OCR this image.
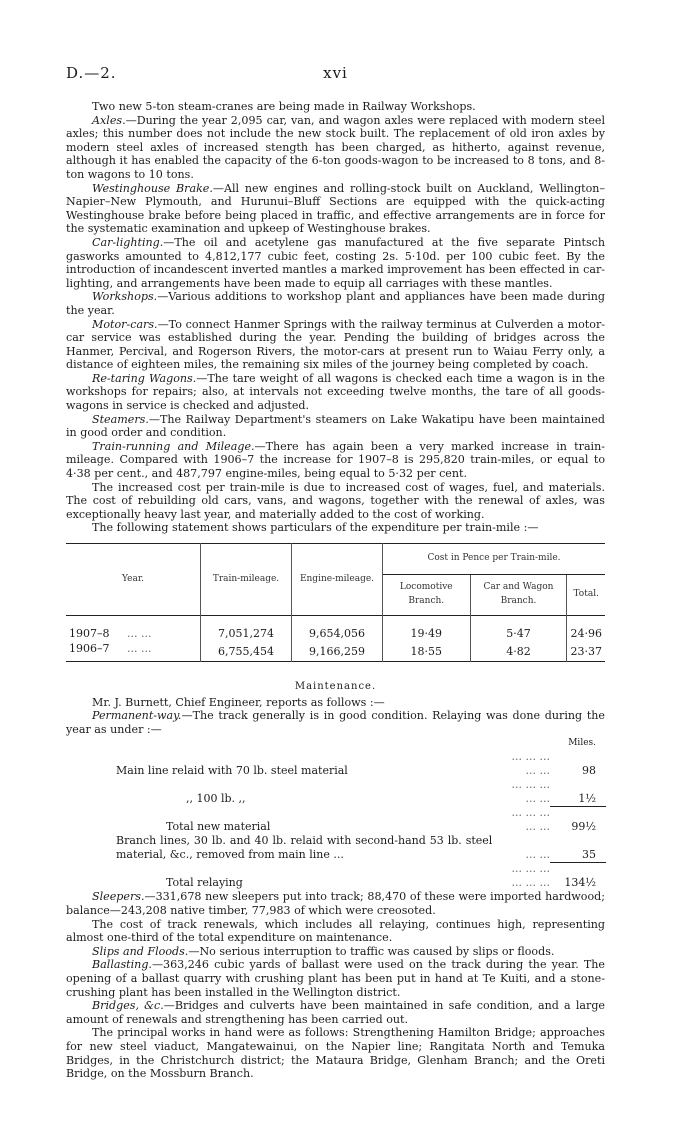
xvi
D.—2.

Two new 5-ton steam-cranes are being made in Railway Workshops.

Axles.—During the year 2,095 car, van, and wagon axles were replaced with modern steel axles; this number does not include the new stock built. The replacement of old iron axles by modern steel axles of increased stength has been charged, as hitherto, against revenue, although it has enabled the capacity of the 6-ton goods-wagon to be increased to 8 tons, and 8-ton wagons to 10 tons.

Westinghouse Brake.—All new engines and rolling-stock built on Auckland, Wellington–Napier–New Plymouth, and Hurunui–Bluff Sections are equipped with the quick-acting Westinghouse brake before being placed in traffic, and effective arrangements are in force for the systematic examination and upkeep of Westinghouse brakes.

Car-lighting.—The oil and acetylene gas manufactured at the five separate Pintsch gasworks amounted to 4,812,177 cubic feet, costing 2s. 5·10d. per 100 cubic feet. By the introduction of incandescent inverted mantles a marked improvement has been effected in car-lighting, and arrangements have been made to equip all carriages with these mantles.

Workshops.—Various additions to workshop plant and appliances have been made during the year.

Motor-cars.—To connect Hanmer Springs with the railway terminus at Culverden a motor-car service was established during the year. Pending the building of bridges across the Hanmer, Percival, and Rogerson Rivers, the motor-cars at present run to Waiau Ferry only, a distance of eighteen miles, the remaining six miles of the journey being completed by coach.

Re-taring Wagons.—The tare weight of all wagons is checked each time a wagon is in the workshops for repairs; also, at intervals not exceeding twelve months, the tare of all goods-wagons in service is checked and adjusted.

Steamers.—The Railway Department's steamers on Lake Wakatipu have been maintained in good order and condition.

Train-running and Mileage.—There has again been a very marked increase in train-mileage. Compared with 1906–7 the increase for 1907–8 is 295,820 train-miles, or equal to 4·38 per cent., and 487,797 engine-miles, being equal to 5·32 per cent.

The increased cost per train-mile is due to increased cost of wages, fuel, and materials. The cost of rebuilding old cars, vans, and wagons, together with the renewal of axles, was exceptionally heavy last year, and materially added to the cost of working.

The following statement shows particulars of the expenditure per train-mile :—

Year.	Train-mileage.	Engine-mileage.	Cost in Pence per Train-mile.		
			Locomotive Branch.	Car and Wagon Branch.	Total.

1907–8 ... ...	7,051,274	9,654,056	19·49	5·47	24·96
1906–7 ... ...	6,755,454	9,166,259	18·55	4·82	23·37
Maintenance.

Mr. J. Burnett, Chief Engineer, reports as follows :—

Permanent-way.—The track generally is in good condition. Relaying was done during the year as under :—

		Miles.
Main line relaid with 70 lb. steel material	... ... ... ... ...	98
,, 100 lb. ,,	... ... ... ... ...	1½
Total new material	... ... ... ... ...	99½
Branch lines, 30 lb. and 40 lb. relaid with second-hand 53 lb. steel material, &c., removed from main line ...	... ...	35
Total relaying	... ... ... ... ... ...	134½

Sleepers.—331,678 new sleepers put into track; 88,470 of these were imported hardwood; balance—243,208 native timber, 77,983 of which were creosoted.

The cost of track renewals, which includes all relaying, continues high, representing almost one-third of the total expenditure on maintenance.

Slips and Floods.—No serious interruption to traffic was caused by slips or floods.

Ballasting.—363,246 cubic yards of ballast were used on the track during the year. The opening of a ballast quarry with crushing plant has been put in hand at Te Kuiti, and a stone-crushing plant has been installed in the Wellington district.

Bridges, &c.—Bridges and culverts have been maintained in safe condition, and a large amount of renewals and strengthening has been carried out.

The principal works in hand were as follows: Strengthening Hamilton Bridge; approaches for new steel viaduct, Mangatewainui, on the Napier line; Rangitata North and Temuka Bridges, in the Christchurch district; the Mataura Bridge, Glenham Branch; and the Oreti Bridge, on the Mossburn Branch.
